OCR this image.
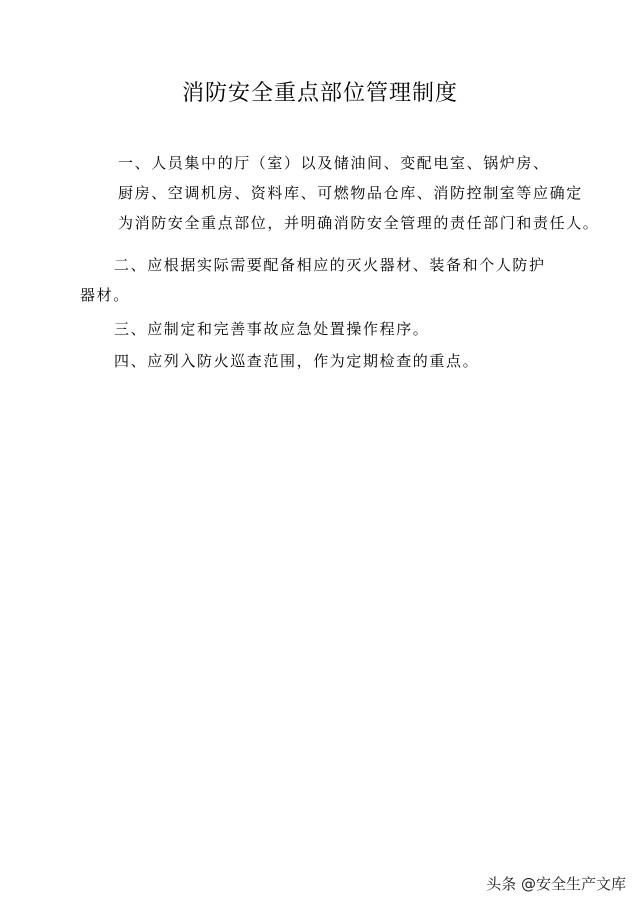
消防安全重点部位管理制度
一、人员集中的厅（室）以及储油间、变配电室、锅炉房、
厨房、空调机房、资料库、可燃物品仓库、消防控制室等应确定
为消防安全重点部位，并明确消防安全管理的责任部门和责任人。
二、应根据实际需要配备相应的灭火器材、装备和个人防护
器材。
三、应制定和完善事故应急处置操作程序。
四、应列入防火巡查范围，作为定期检查的重点。
头条 @安全生产文库
